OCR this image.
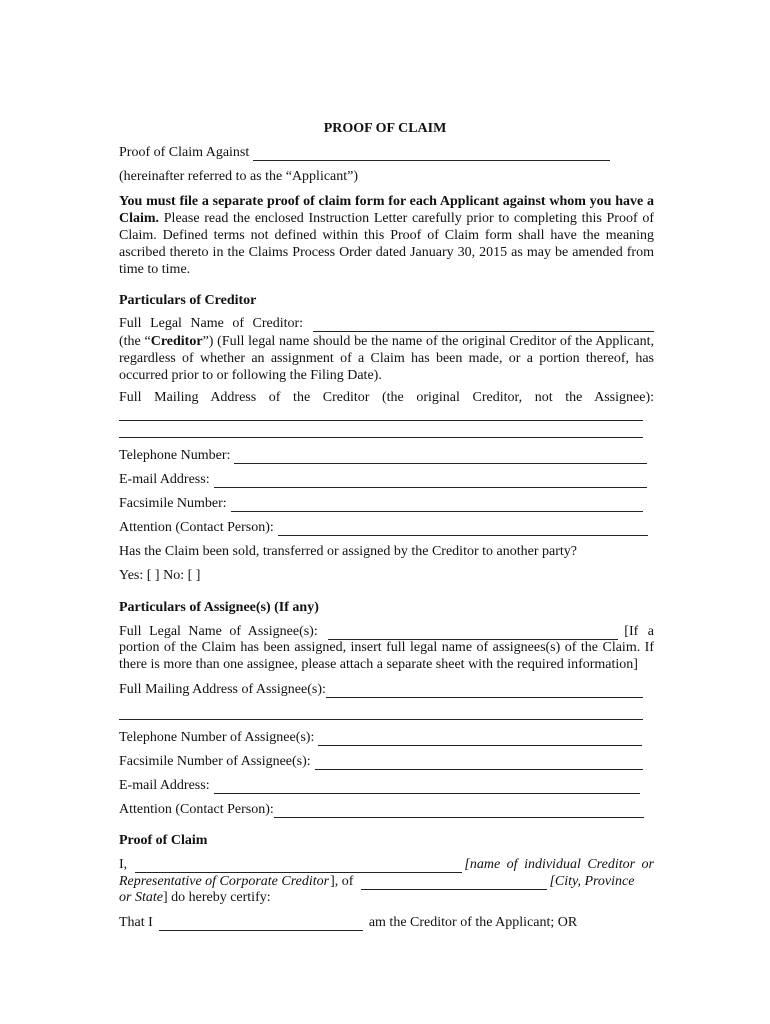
PROOF OF CLAIM
Proof of Claim Against

(hereinafter referred to as the “Applicant”)

You must file a separate proof of claim form for each Applicant against whom you have a Claim. Please read the enclosed Instruction Letter carefully prior to completing this Proof of Claim. Defined terms not defined within this Proof of Claim form shall have the meaning ascribed thereto in the Claims Process Order dated January 30, 2015 as may be amended from time to time.

Particulars of Creditor

Full Legal Name of Creditor:

(the “Creditor”) (Full legal name should be the name of the original Creditor of the Applicant, regardless of whether an assignment of a Claim has been made, or a portion thereof, has occurred prior to or following the Filing Date).

Full Mailing Address of the Creditor (the original Creditor, not the Assignee):

Telephone Number:
E-mail Address:
Facsimile Number:
Attention (Contact Person):

Has the Claim been sold, transferred or assigned by the Creditor to another party?

Yes: [ ] No: [ ]

Particulars of Assignee(s) (If any)

Full Legal Name of Assignee(s):	[If a

portion of the Claim has been assigned, insert full legal name of assignees(s) of the Claim. If there is more than one assignee, please attach a separate sheet with the required information]

Full Mailing Address of Assignee(s):
Telephone Number of Assignee(s):
Facsimile Number of Assignee(s):
E-mail Address:
Attention (Contact Person):

Proof of Claim

I,	[name of individual Creditor or
Representative of Corporate Creditor ], of	[City, Province

or State] do hereby certify:

That I	am the Creditor of the Applicant; OR
